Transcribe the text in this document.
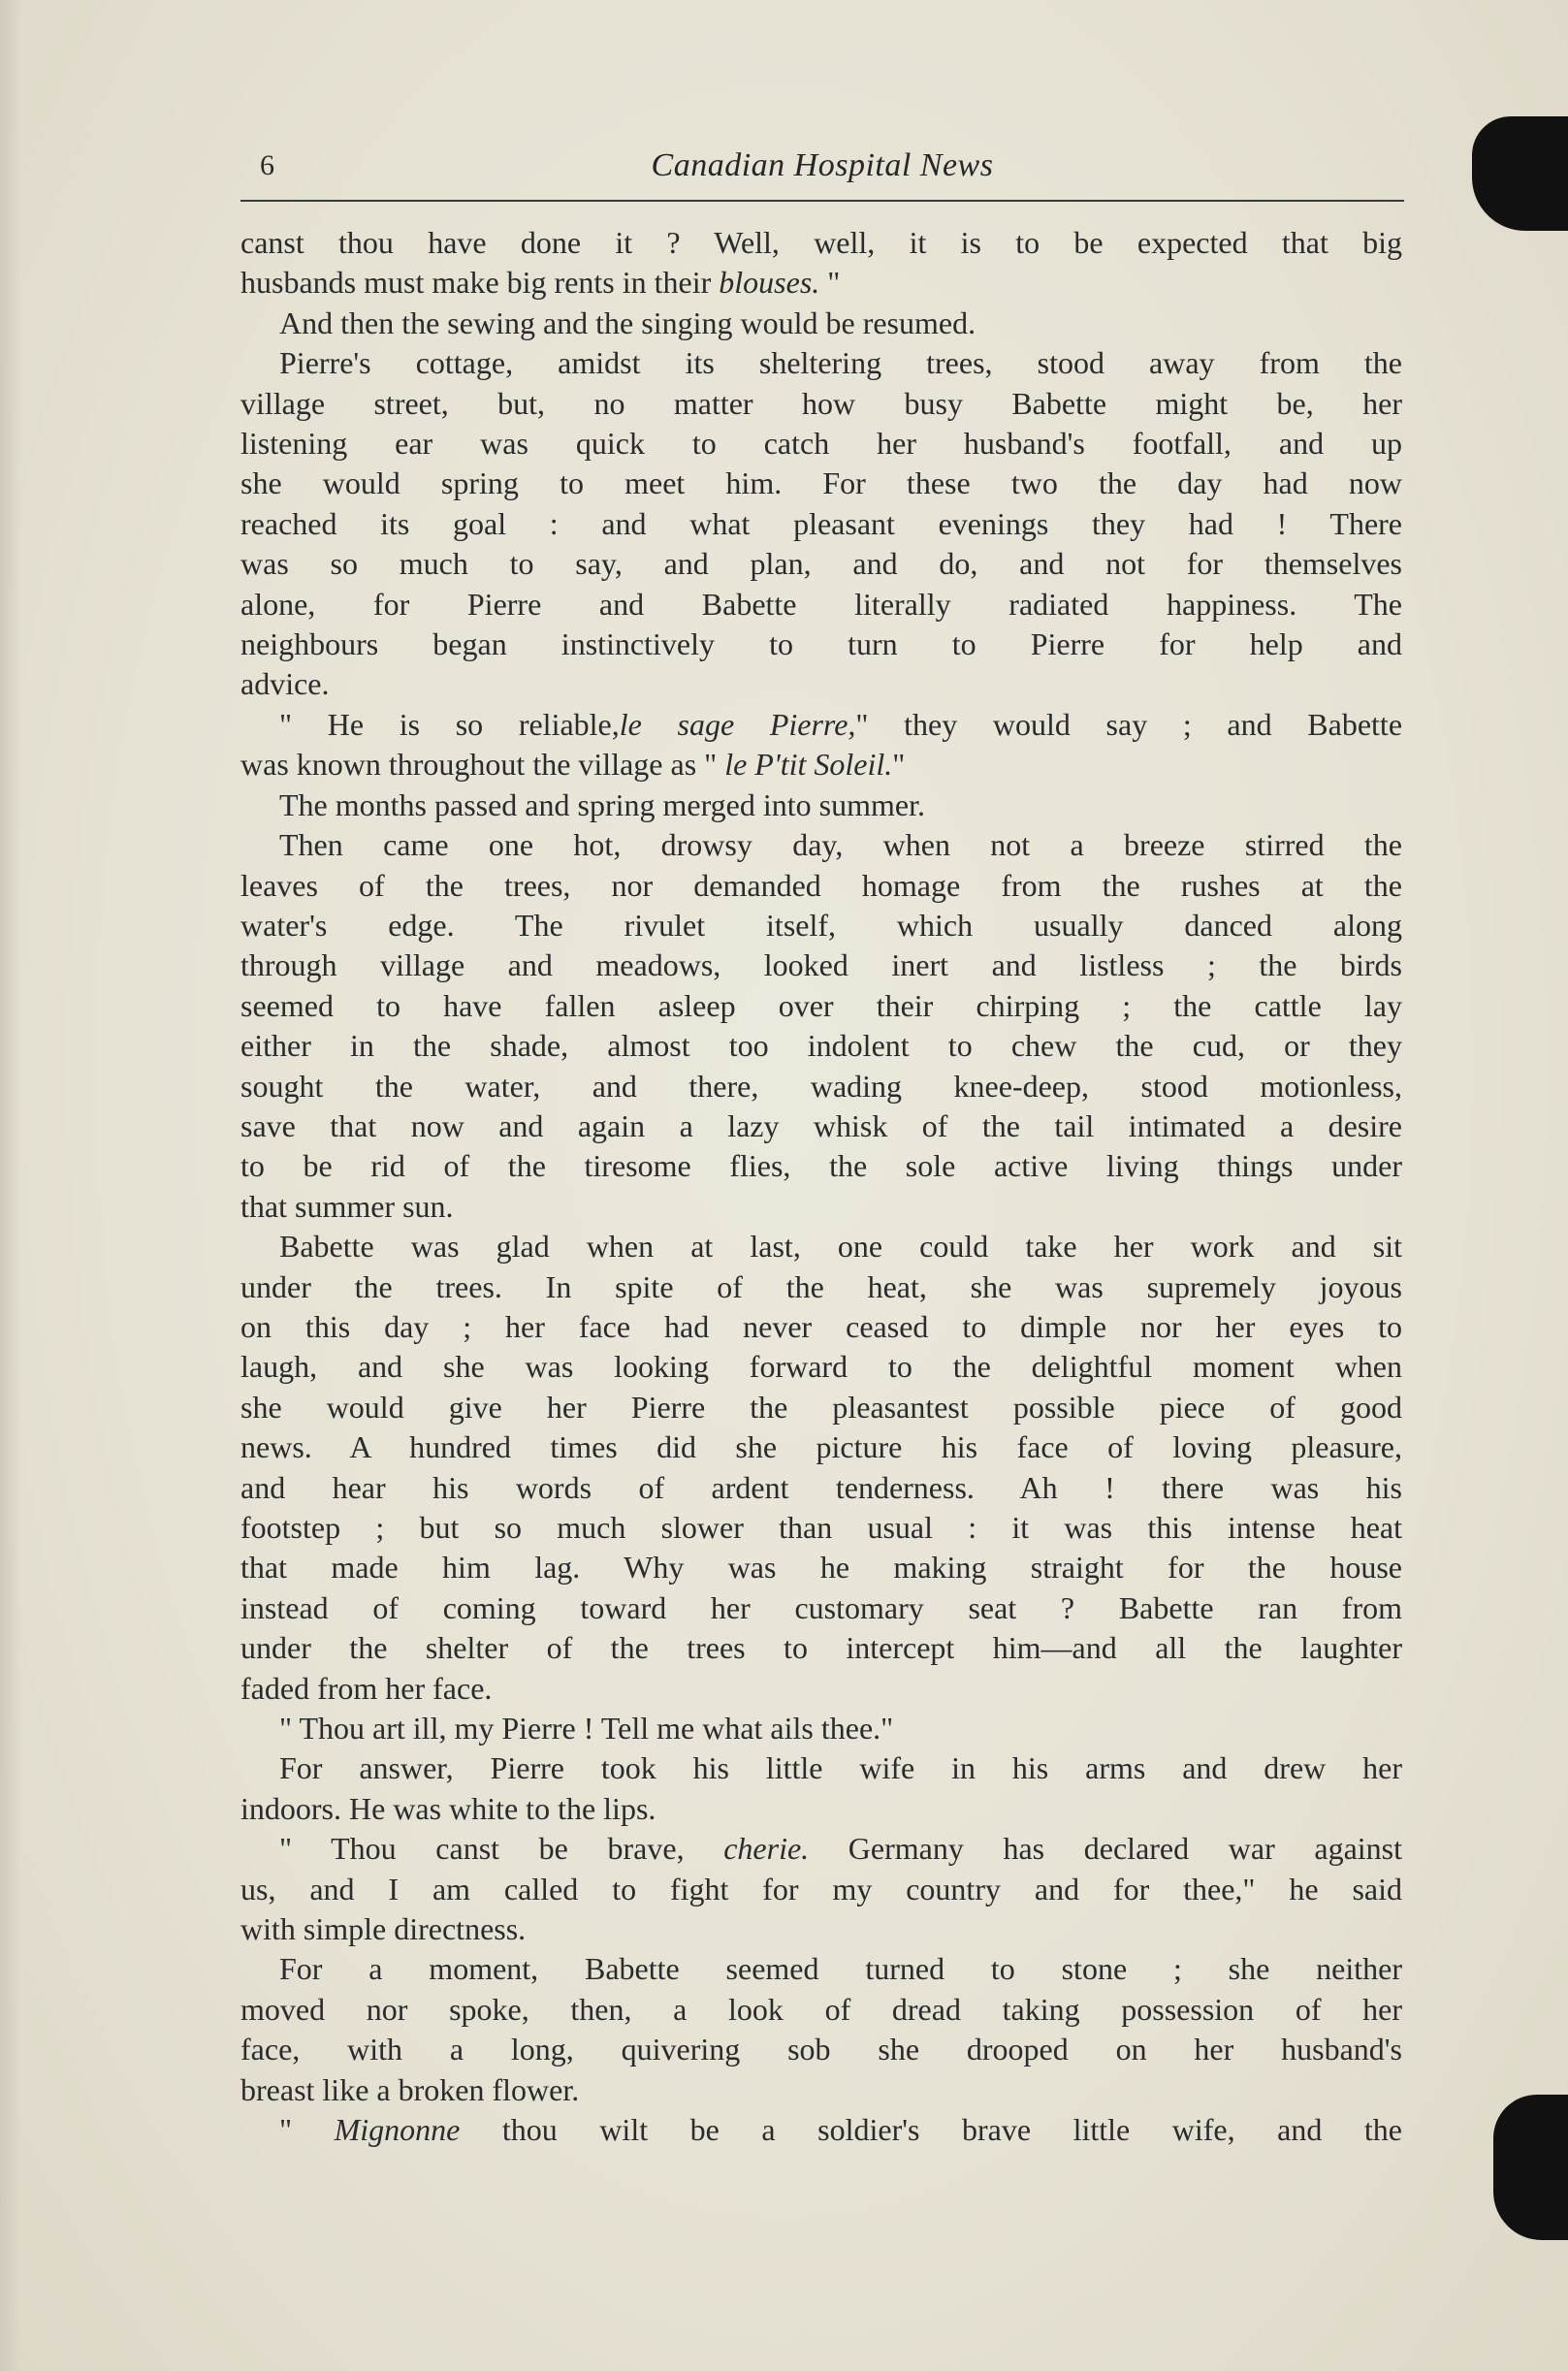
6	Canadian Hospital News
canst thou have done it ? Well, well, it is to be expected that big
husbands must make big rents in their blouses. "
And then the sewing and the singing would be resumed.
Pierre's cottage, amidst its sheltering trees, stood away from the
village street, but, no matter how busy Babette might be, her
listening ear was quick to catch her husband's footfall, and up
she would spring to meet him. For these two the day had now
reached its goal : and what pleasant evenings they had ! There
was so much to say, and plan, and do, and not for themselves
alone, for Pierre and Babette literally radiated happiness. The
neighbours began instinctively to turn to Pierre for help and
advice.
" He is so reliable,le sage Pierre," they would say ; and Babette
was known throughout the village as " le P'tit Soleil."
The months passed and spring merged into summer.
Then came one hot, drowsy day, when not a breeze stirred the
leaves of the trees, nor demanded homage from the rushes at the
water's edge. The rivulet itself, which usually danced along
through village and meadows, looked inert and listless ; the birds
seemed to have fallen asleep over their chirping ; the cattle lay
either in the shade, almost too indolent to chew the cud, or they
sought the water, and there, wading knee-deep, stood motionless,
save that now and again a lazy whisk of the tail intimated a desire
to be rid of the tiresome flies, the sole active living things under
that summer sun.
Babette was glad when at last, one could take her work and sit
under the trees. In spite of the heat, she was supremely joyous
on this day ; her face had never ceased to dimple nor her eyes to
laugh, and she was looking forward to the delightful moment when
she would give her Pierre the pleasantest possible piece of good
news. A hundred times did she picture his face of loving pleasure,
and hear his words of ardent tenderness. Ah ! there was his
footstep ; but so much slower than usual : it was this intense heat
that made him lag. Why was he making straight for the house
instead of coming toward her customary seat ? Babette ran from
under the shelter of the trees to intercept him—and all the laughter
faded from her face.
" Thou art ill, my Pierre ! Tell me what ails thee."
For answer, Pierre took his little wife in his arms and drew her
indoors. He was white to the lips.
" Thou canst be brave, cherie. Germany has declared war against
us, and I am called to fight for my country and for thee," he said
with simple directness.
For a moment, Babette seemed turned to stone ; she neither
moved nor spoke, then, a look of dread taking possession of her
face, with a long, quivering sob she drooped on her husband's
breast like a broken flower.
" Mignonne thou wilt be a soldier's brave little wife, and the
